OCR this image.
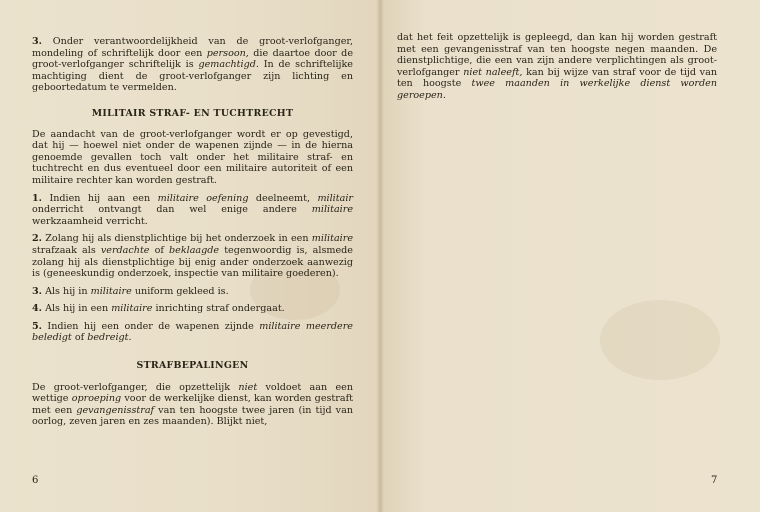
3. Onder verantwoordelijkheid van de groot-verlofganger, mondeling of schriftelijk door een persoon, die daartoe door de groot-verlofganger schriftelijk is gemachtigd. In de schriftelijke machtiging dient de groot-verlofganger zijn lichting en geboortedatum te vermelden.

MILITAIR STRAF- EN TUCHTRECHT

De aandacht van de groot-verlofganger wordt er op gevestigd, dat hij — hoewel niet onder de wapenen zijnde — in de hierna genoemde gevallen toch valt onder het militaire straf- en tuchtrecht en dus eventueel door een militaire autoriteit of een militaire rechter kan worden gestraft.

1. Indien hij aan een militaire oefening deelneemt, militair onderricht ontvangt dan wel enige andere militaire werkzaamheid verricht.

2. Zolang hij als dienstplichtige bij het onderzoek in een militaire strafzaak als verdachte of beklaagde tegenwoordig is, alsmede zolang hij als dienstplichtige bij enig ander onderzoek aanwezig is (geneeskundig onderzoek, inspectie van militaire goederen).

3. Als hij in militaire uniform gekleed is.

4. Als hij in een militaire inrichting straf ondergaat.

5. Indien hij een onder de wapenen zijnde militaire meerdere beledigt of bedreigt.

STRAFBEPALINGEN

De groot-verlofganger, die opzettelijk niet voldoet aan een wettige oproeping voor de werkelijke dienst, kan worden gestraft met een gevangenisstraf van ten hoogste twee jaren (in tijd van oorlog, zeven jaren en zes maanden). Blijkt niet,

6

dat het feit opzettelijk is gepleegd, dan kan hij worden gestraft met een gevangenisstraf van ten hoogste negen maanden. De dienstplichtige, die een van zijn andere verplichtingen als groot-verlofganger niet naleeft, kan bij wijze van straf voor de tijd van ten hoogste twee maanden in werkelijke dienst worden geroepen.

7
